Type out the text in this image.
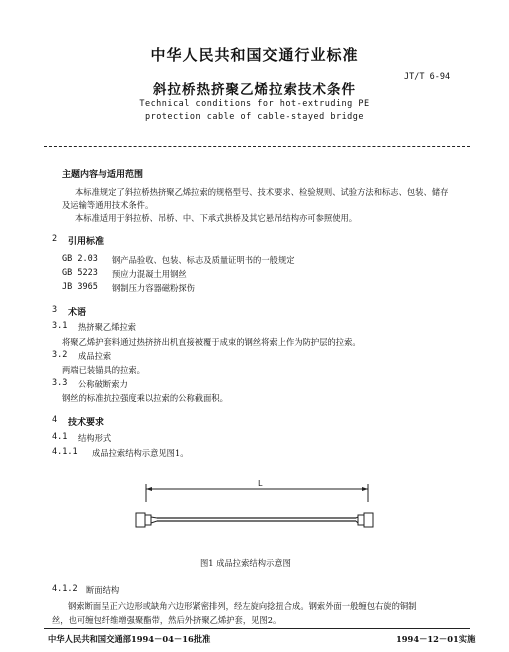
中华人民共和国交通行业标准
JT/T 6-94
斜拉桥热挤聚乙烯拉索技术条件
Technical conditions for hot-extruding PE
protection cable of cable-stayed bridge
主题内容与适用范围
本标准规定了斜拉桥热挤聚乙烯拉索的规格型号、技术要求、检验规则、试验方法和标志、包装、储存
及运输等通用技术条件。
本标准适用于斜拉桥、吊桥、中、下承式拱桥及其它悬吊结构亦可参照使用。
2 引用标准
GB 2.03 钢产品验收、包装、标志及质量证明书的一般规定
GB 5223 预应力混凝土用钢丝
JB 3965 钢制压力容器磁粉探伤
3 术语
3.1 热挤聚乙烯拉索
将聚乙烯护套料通过热挤挤出机直接被覆于成束的钢丝将索上作为防护层的拉索。
3.2 成品拉索
两端已装锚具的拉索。
3.3 公称破断索力
钢丝的标准抗拉强度乘以拉索的公称截面积。
4 技术要求
4.1 结构形式
4.1.1 成品拉索结构示意见图1。
L
图1 成品拉索结构示意图
4.1.2 断面结构
钢索断面呈正六边形或缺角六边形紧密排列，经左旋向捻扭合成。钢索外面一般缠包右旋的铜制
丝，也可缠包纤维增强聚酯带，然后外挤聚乙烯护套，见图2。
中华人民共和国交通部1994－04－16批准	1994－12－01实施
